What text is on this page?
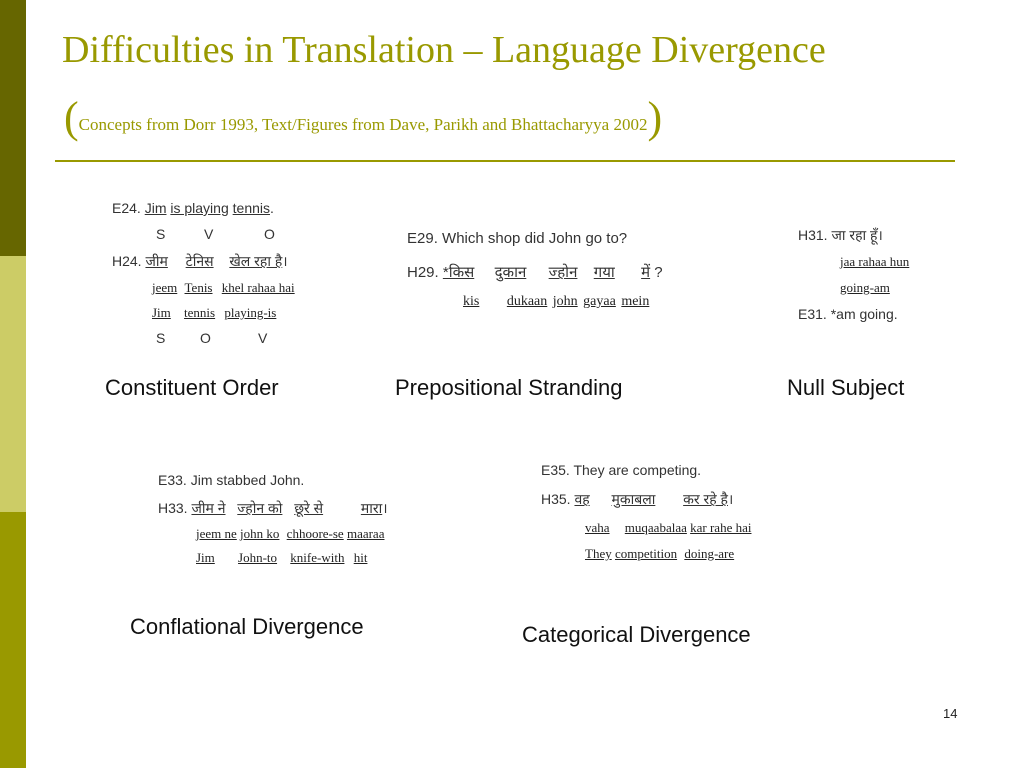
Difficulties in Translation – Language Divergence
(Concepts from Dorr 1993, Text/Figures from Dave, Parikh and Bhattacharyya 2002)
E24. Jim is playing tennis.
S	V	O
H24. जीम टेनिस खेल रहा है।
jeem Tenis khel rahaa hai
Jim tennis playing-is
S O	V
E29. Which shop did John go to?
H29. *किस दुकान ज्होन गया में ?
kis dukaan john gayaa mein
H31. जा रहा हूँ।
jaa rahaa hun
going-am
E31. *am going.
Constituent Order	Prepositional Stranding	Null Subject
E33. Jim stabbed John.
H33. जीम ने ज्होन को छूरे से	मारा।
jeem ne john ko chhoore-se maaraa
Jim John-to knife-with hit
E35. They are competing.
H35. वह मुकाबला कर रहे है।
vaha muqaabalaa kar rahe hai
They competition doing-are
Conflational Divergence	Categorical Divergence
14
